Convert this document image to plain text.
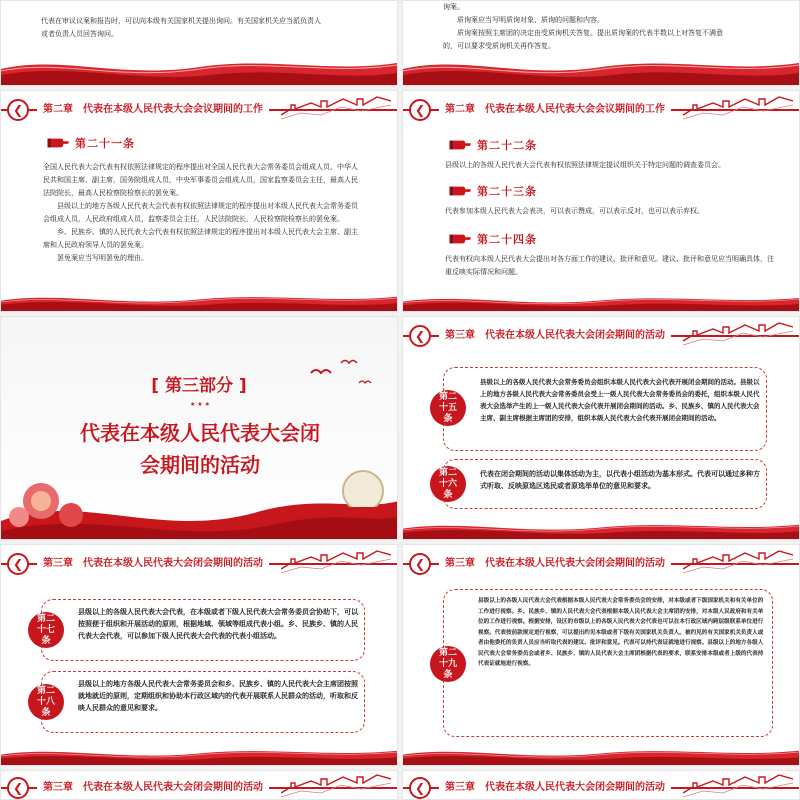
代表在审议议案和报告时，可以向本级有关国家机关提出询问。有关国家机关应当派负责人
或者负责人员回答询问。
询案。
质询案应当写明质询对象、质询的问题和内容。
质询案按照主席团的决定由受质询机关答复。提出质询案的代表半数以上对答复不满意
的，可以要求受质询机关再作答复。
❮	第二章　代表在本级人民代表大会会议期间的工作
第二十一条
全国人民代表大会代表有权依照法律规定的程序提出对全国人民代表大会常务委员会组成人员，中华人民共和国主席、副主席，国务院组成人员，中央军事委员会组成人员，国家监察委员会主任，最高人民法院院长，最高人民检察院检察长的罢免案。
县级以上的地方各级人民代表大会代表有权依照法律规定的程序提出对本级人民代表大会常务委员会组成人员，人民政府组成人员，监察委员会主任，人民法院院长，人民检察院检察长的罢免案。
乡、民族乡、镇的人民代表大会代表有权依照法律规定的程序提出对本级人民代表大会主席、副主席和人民政府领导人员的罢免案。
罢免案应当写明罢免的理由。
❮	第二章　代表在本级人民代表大会会议期间的工作
第二十二条
县级以上的各级人民代表大会代表有权依照法律规定提议组织关于特定问题的调查委员会。
第二十三条
代表参加本级人民代表大会表决，可以表示赞成，可以表示反对，也可以表示弃权。
第二十四条
代表有权向本级人民代表大会提出对各方面工作的建议、批评和意见。建议、批评和意见应当明确具体，注重反映实际情况和问题。
[ 第三部分 ]
★ ★ ★
代表在本级人民代表大会闭
会期间的活动
❮	第三章　代表在本级人民代表大会闭会期间的活动
第二
十五
条
县级以上的各级人民代表大会常务委员会组织本级人民代表大会代表开展闭会期间的活动。县级以上的地方各级人民代表大会常务委员会受上一级人民代表大会常务委员会的委托，组织本级人民代表大会选举产生的上一级人民代表大会代表开展闭会期间的活动。乡、民族乡、镇的人民代表大会主席、副主席根据主席团的安排，组织本级人民代表大会代表开展闭会期间的活动。
第二
十六
条
代表在闭会期间的活动以集体活动为主，以代表小组活动为基本形式。代表可以通过多种方式听取、反映原选区选民或者原选举单位的意见和要求。
❮	第三章　代表在本级人民代表大会闭会期间的活动
第二
十七
条
县级以上的各级人民代表大会代表，在本级或者下级人民代表大会常务委员会协助下，可以按照便于组织和开展活动的原则，根据地域、领域等组成代表小组。乡、民族乡、镇的人民代表大会代表，可以参加下级人民代表大会代表的代表小组活动。
第二
十八
条
县级以上的地方各级人民代表大会常务委员会和乡、民族乡、镇的人民代表大会主席团按照就地就近的原则，定期组织和协助本行政区域内的代表开展联系人民群众的活动，听取和反映人民群众的意见和要求。
❮	第三章　代表在本级人民代表大会闭会期间的活动
第二
十九
条
县级以上的各级人民代表大会代表根据本级人民代表大会常务委员会的安排，对本级或者下级国家机关和有关单位的工作进行视察。乡、民族乡、镇的人民代表大会代表根据本级人民代表大会主席团的安排，对本级人民政府和有关单位的工作进行视察。根据安排，设区的市级以上的各级人民代表大会代表也可以在本行政区域内跨层级联系单位进行视察。代表按前款规定进行视察，可以提出约见本级或者下级有关国家机关负责人。被约见的有关国家机关负责人或者由他委托的负责人员应当听取代表的建议、批评和意见。代表可以持代表证就地进行视察。县级以上的地方各级人民代表大会常务委员会或者乡、民族乡、镇的人民代表大会主席团根据代表的要求，联系安排本级或者上级的代表持代表证就地进行视察。
❮	第三章　代表在本级人民代表大会闭会期间的活动	❮	第三章　代表在本级人民代表大会闭会期间的活动
